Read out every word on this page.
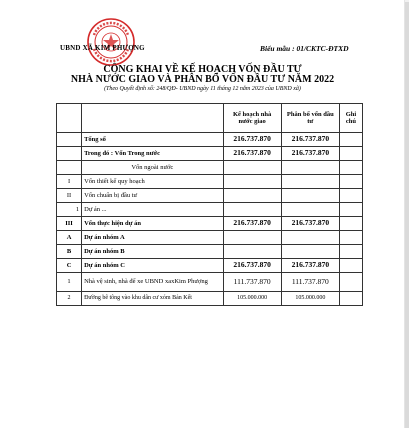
UBND XÃ KIM PHƯỢNG	Biểu mẫu : 01/CKTC-ĐTXD
CÔNG KHAI VỀ KẾ HOẠCH VỐN ĐẦU TƯ
NHÀ NƯỚC GIAO VÀ PHÂN BỔ VỐN ĐẦU TƯ NĂM 2022
(Theo Quyết định số: 248/QĐ- UBND ngày 11 tháng 12 năm 2023 của UBND xã)
		Kế hoạch nhà nước giao	Phân bổ vốn đầu tư	Ghi chú
	Tổng số	216.737.870	216.737.870	
	Trong đó : Vốn Trong nước	216.737.870	216.737.870	
	Vốn ngoài nước			
I	Vốn thiết kế quy hoạch			
II	Vốn chuẩn bị đầu tư			
1	Dự án ...			
III	Vốn thực hiện dự án	216.737.870	216.737.870	
A	Dự án nhóm A			
B	Dự án nhóm B			
C	Dự án nhóm C	216.737.870	216.737.870	
1	Nhà vệ sinh, nhà để xe UBND xaxKim Phượng	111.737.870	111.737.870	
2	Đường bê tông vào khu dân cư xóm Bản Kết	105.000.000	105.000.000	
